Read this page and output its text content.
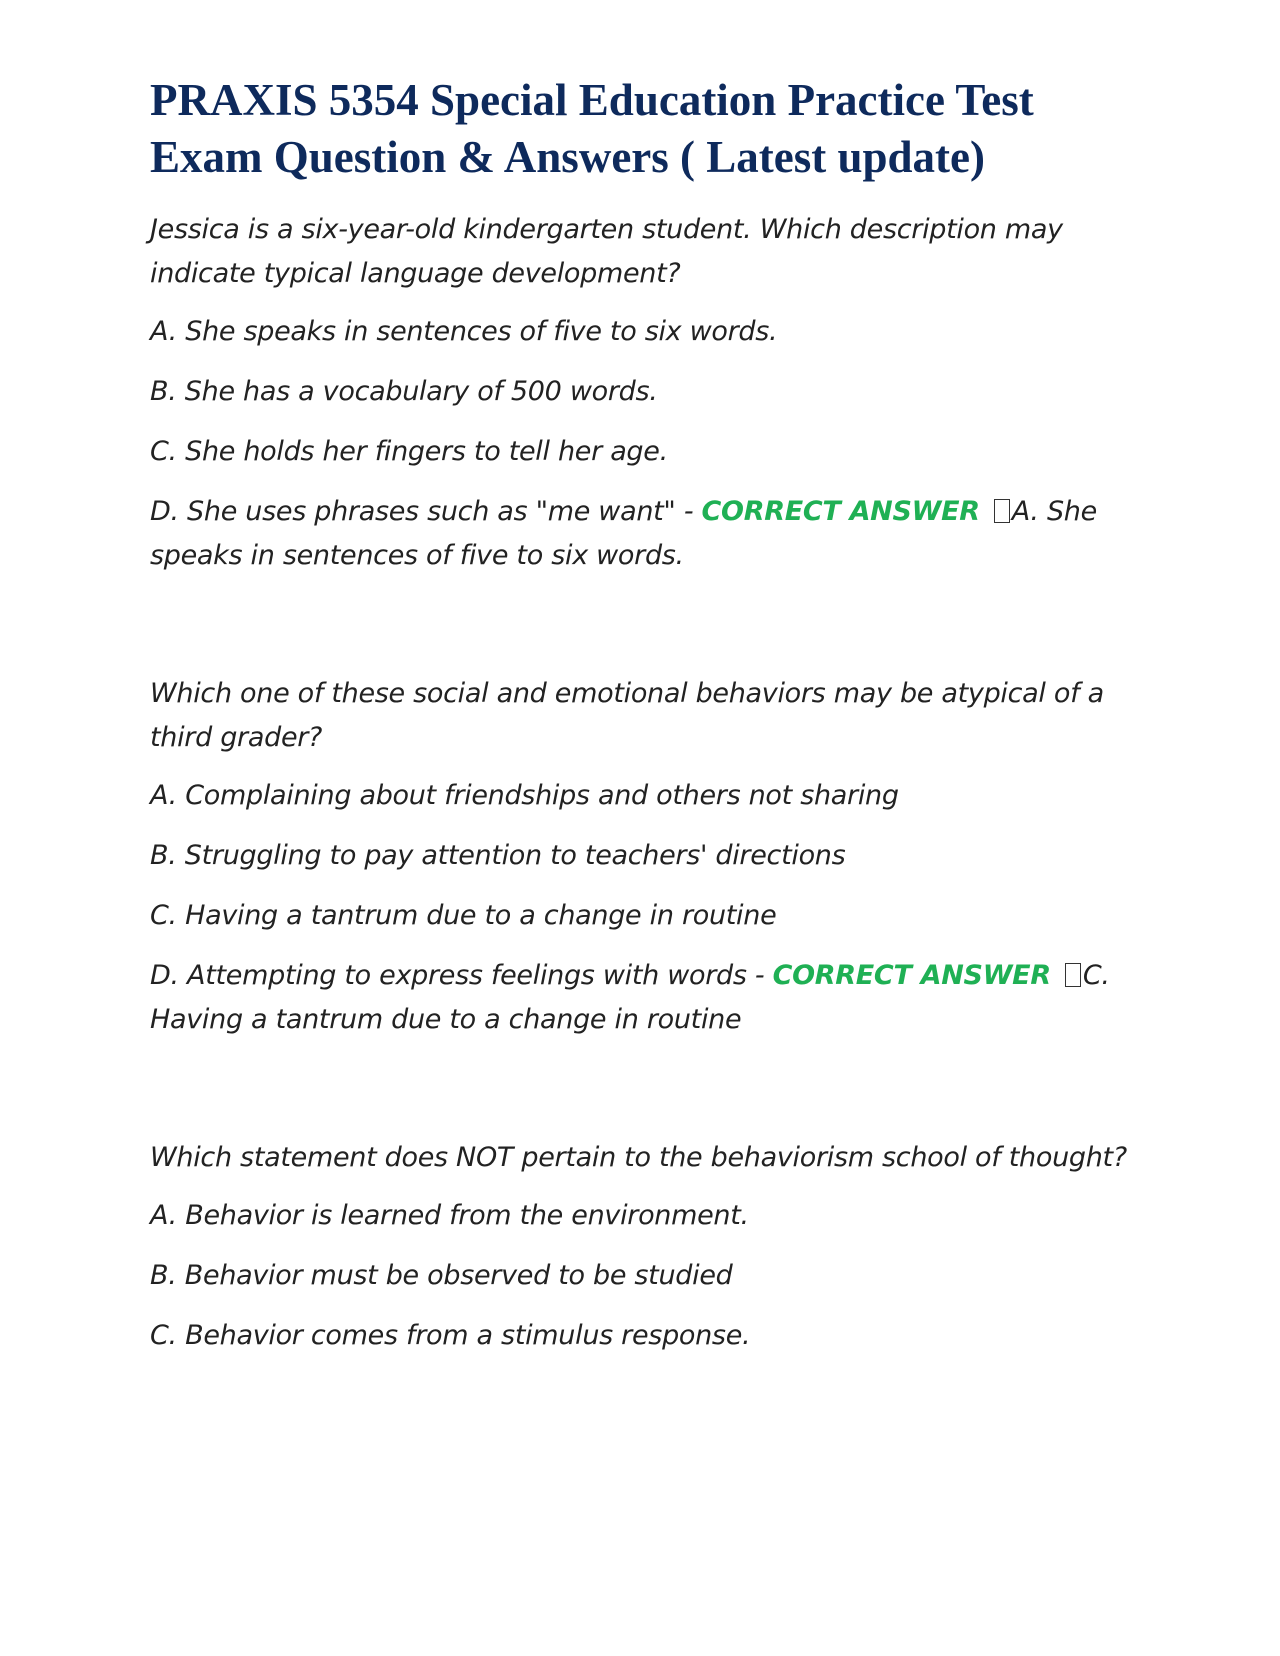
PRAXIS 5354 Special Education Practice Test Exam Question & Answers ( Latest update)

Jessica is a six-year-old kindergarten student. Which description may indicate typical language development?

A. She speaks in sentences of five to six words.

B. She has a vocabulary of 500 words.

C. She holds her fingers to tell her age.

D. She uses phrases such as "me want" - CORRECT ANSWER A. She speaks in sentences of five to six words.

Which one of these social and emotional behaviors may be atypical of a third grader?

A. Complaining about friendships and others not sharing

B. Struggling to pay attention to teachers' directions

C. Having a tantrum due to a change in routine

D. Attempting to express feelings with words - CORRECT ANSWER C. Having a tantrum due to a change in routine

Which statement does NOT pertain to the behaviorism school of thought?

A. Behavior is learned from the environment.

B. Behavior must be observed to be studied

C. Behavior comes from a stimulus response.
